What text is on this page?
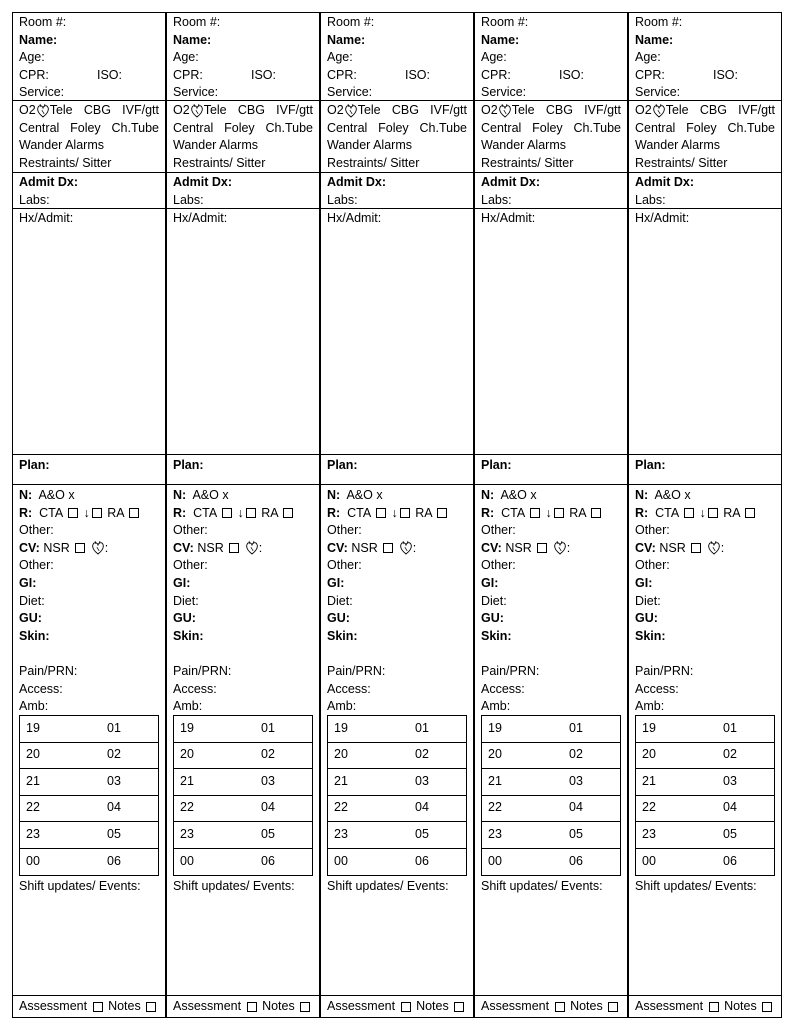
Room #:
Name:
Age:
CPR:	ISO:
Service:
O2 Tele CBG IVF/gtt
Central Foley Ch.Tube
Wander Alarms
Restraints/ Sitter
Admit Dx:
Labs:
Hx/Admit:
Plan:
N: A&O x
R: CTA ↓ RA
Other:
CV: NSR	:
Other:
GI:
Diet:
GU:
Skin:
Pain/PRN:
Access:
Amb:
19	01
20	02
21	03
22	04
23	05
00	06
Shift updates/ Events:
Assessment Notes
Room #:
Name:
Age:
CPR:	ISO:
Service:
O2 Tele CBG IVF/gtt
Central Foley Ch.Tube
Wander Alarms
Restraints/ Sitter
Admit Dx:
Labs:
Hx/Admit:
Plan:
N: A&O x
R: CTA ↓ RA
Other:
CV: NSR	:
Other:
GI:
Diet:
GU:
Skin:
Pain/PRN:
Access:
Amb:
19	01
20	02
21	03
22	04
23	05
00	06
Shift updates/ Events:
Assessment Notes
Room #:
Name:
Age:
CPR:	ISO:
Service:
O2 Tele CBG IVF/gtt
Central Foley Ch.Tube
Wander Alarms
Restraints/ Sitter
Admit Dx:
Labs:
Hx/Admit:
Plan:
N: A&O x
R: CTA ↓ RA
Other:
CV: NSR	:
Other:
GI:
Diet:
GU:
Skin:
Pain/PRN:
Access:
Amb:
19	01
20	02
21	03
22	04
23	05
00	06
Shift updates/ Events:
Assessment Notes
Room #:
Name:
Age:
CPR:	ISO:
Service:
O2 Tele CBG IVF/gtt
Central Foley Ch.Tube
Wander Alarms
Restraints/ Sitter
Admit Dx:
Labs:
Hx/Admit:
Plan:
N: A&O x
R: CTA ↓ RA
Other:
CV: NSR	:
Other:
GI:
Diet:
GU:
Skin:
Pain/PRN:
Access:
Amb:
19	01
20	02
21	03
22	04
23	05
00	06
Shift updates/ Events:
Assessment Notes
Room #:
Name:
Age:
CPR:	ISO:
Service:
O2 Tele CBG IVF/gtt
Central Foley Ch.Tube
Wander Alarms
Restraints/ Sitter
Admit Dx:
Labs:
Hx/Admit:
Plan:
N: A&O x
R: CTA ↓ RA
Other:
CV: NSR	:
Other:
GI:
Diet:
GU:
Skin:
Pain/PRN:
Access:
Amb:
19	01
20	02
21	03
22	04
23	05
00	06
Shift updates/ Events:
Assessment Notes
